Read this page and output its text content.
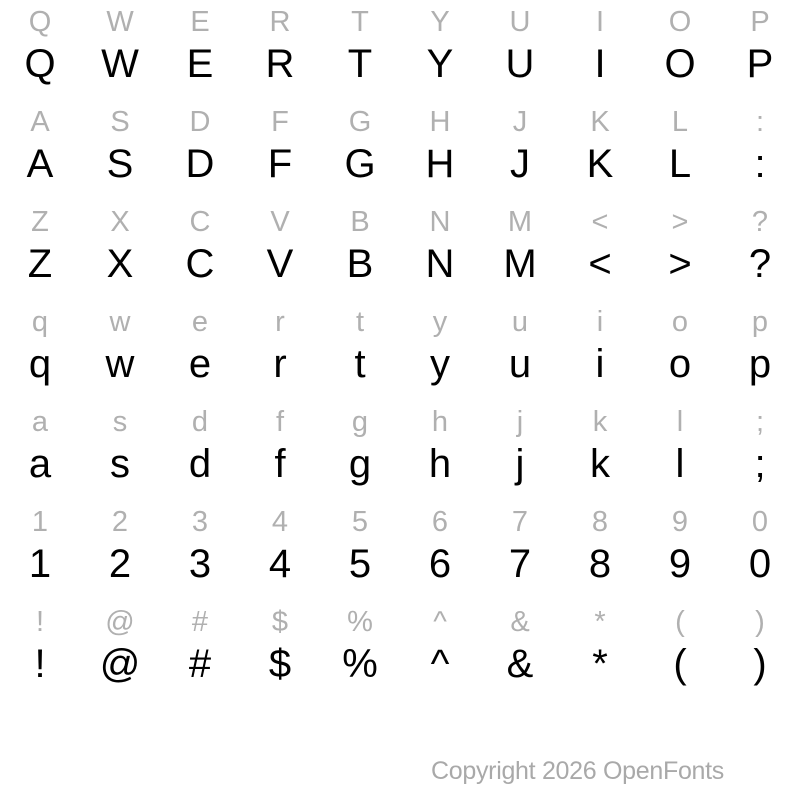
Q
Q
W
W
E
E
R
R
T
T
Y
Y
U
U
I
I
O
O
P
P
A
A
S
S
D
D
F
F
G
G
H
H
J
J
K
K
L
L
:
:
Z
Z
X
X
C
C
V
V
B
B
N
N
M
M
<
<
>
>
?
?
q
q
w
w
e
e
r
r
t
t
y
y
u
u
i
i
o
o
p
p
a
a
s
s
d
d
f
f
g
g
h
h
j
j
k
k
l
l
;
;
1
1
2
2
3
3
4
4
5
5
6
6
7
7
8
8
9
9
0
0
!
!
@
@
#
#
$
$
%
%
^
^
&
&
*
*
(
(
)
)
Copyright 2026 OpenFonts
